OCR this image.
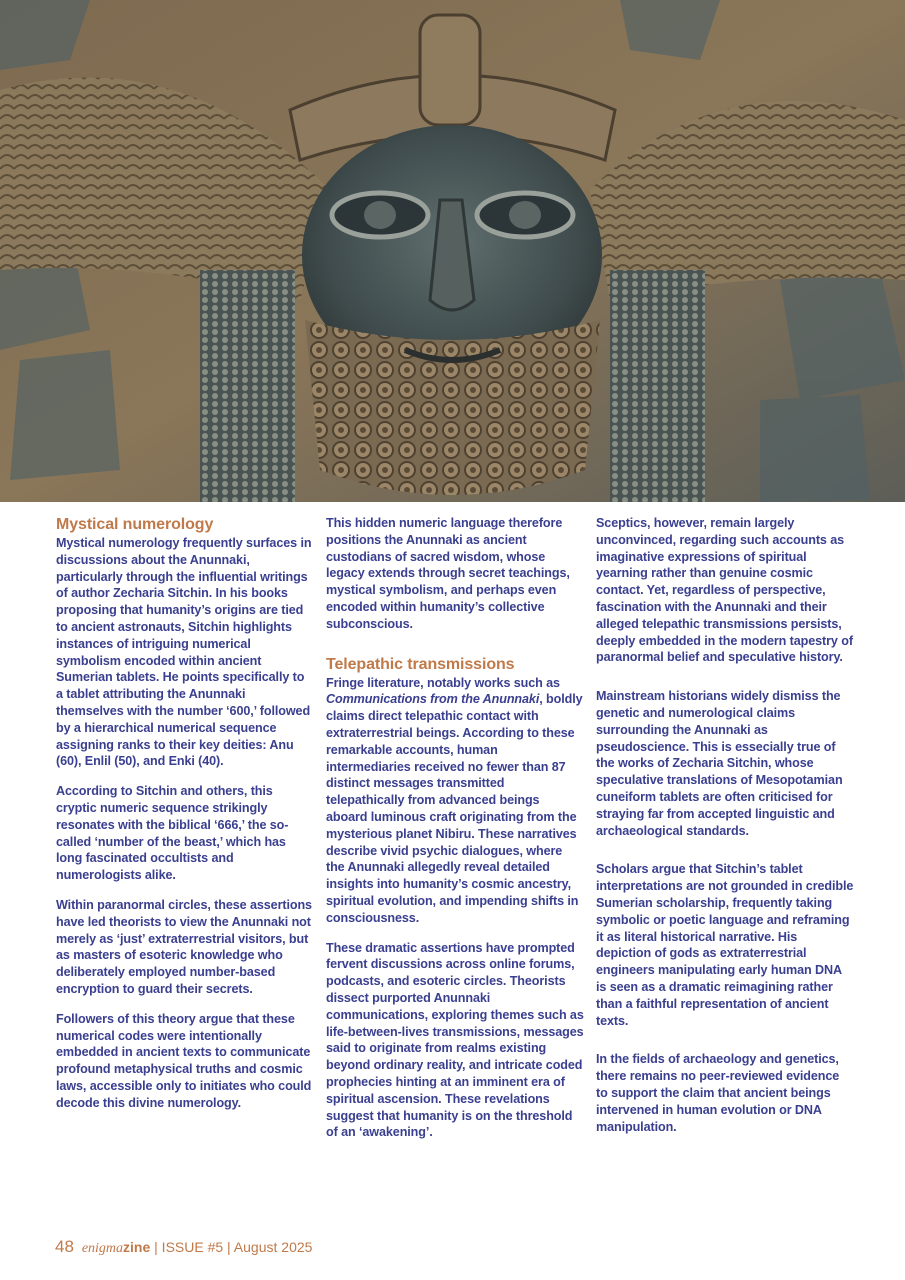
Mystical numerology

Mystical numerology frequently surfaces in discussions about the Anunnaki, particularly through the influential writings of author Zecharia Sitchin. In his books proposing that humanity’s origins are tied to ancient astronauts, Sitchin highlights instances of intriguing numerical symbolism encoded within ancient Sumerian tablets. He points specifically to a tablet attributing the Anunnaki themselves with the number ‘600,’ followed by a hierarchical numerical sequence assigning ranks to their key deities: Anu (60), Enlil (50), and Enki (40).

According to Sitchin and others, this cryptic numeric sequence strikingly resonates with the biblical ‘666,’ the so-called ‘number of the beast,’ which has long fascinated occultists and numerologists alike.

Within paranormal circles, these assertions have led theorists to view the Anunnaki not merely as ‘just’ extraterrestrial visitors, but as masters of esoteric knowledge who deliberately employed number-based encryption to guard their secrets.

Followers of this theory argue that these numerical codes were intentionally embedded in ancient texts to communicate profound metaphysical truths and cosmic laws, accessible only to initiates who could decode this divine numerology.

This hidden numeric language therefore positions the Anunnaki as ancient custodians of sacred wisdom, whose legacy extends through secret teachings, mystical symbolism, and perhaps even encoded within humanity’s collective subconscious.

Telepathic transmissions

Fringe literature, notably works such as Communications from the Anunnaki, boldly claims direct telepathic contact with extraterrestrial beings. According to these remarkable accounts, human intermediaries received no fewer than 87 distinct messages transmitted telepathically from advanced beings aboard luminous craft originating from the mysterious planet Nibiru. These narratives describe vivid psychic dialogues, where the Anunnaki allegedly reveal detailed insights into humanity’s cosmic ancestry, spiritual evolution, and impending shifts in consciousness.

These dramatic assertions have prompted fervent discussions across online forums, podcasts, and esoteric circles. Theorists dissect purported Anunnaki communications, exploring themes such as life-between-lives transmissions, messages said to originate from realms existing beyond ordinary reality, and intricate coded prophecies hinting at an imminent era of spiritual ascension. These revelations suggest that humanity is on the threshold of an ‘awakening’.

Sceptics, however, remain largely unconvinced, regarding such accounts as imaginative expressions of spiritual yearning rather than genuine cosmic contact. Yet, regardless of perspective, fascination with the Anunnaki and their alleged telepathic transmissions persists, deeply embedded in the modern tapestry of paranormal belief and speculative history.

Mainstream historians widely dismiss the genetic and numerological claims surrounding the Anunnaki as pseudoscience. This is essecially true of the works of Zecharia Sitchin, whose speculative translations of Mesopotamian cuneiform tablets are often criticised for straying far from accepted linguistic and archaeological standards.

Scholars argue that Sitchin’s tablet interpretations are not grounded in credible Sumerian scholarship, frequently taking symbolic or poetic language and reframing it as literal historical narrative. His depiction of gods as extraterrestrial engineers manipulating early human DNA is seen as a dramatic reimagining rather than a faithful representation of ancient texts.

In the fields of archaeology and genetics, there remains no peer-reviewed evidence to support the claim that ancient beings intervened in human evolution or DNA manipulation.

48 enigmazine | ISSUE #5 | August 2025
